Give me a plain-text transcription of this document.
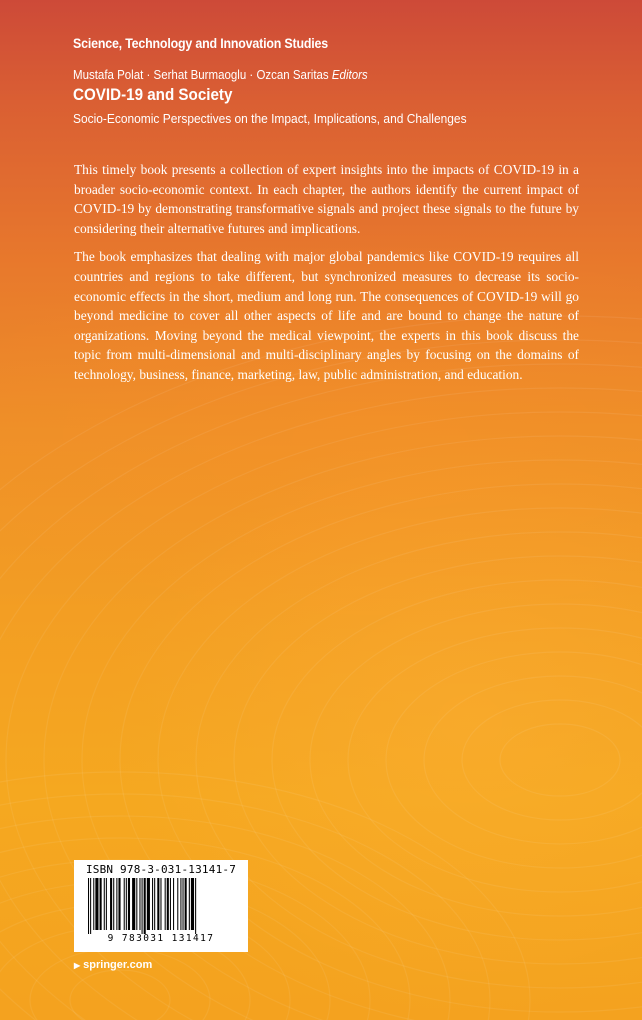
Science, Technology and Innovation Studies
Mustafa Polat · Serhat Burmaoglu · Ozcan Saritas Editors
COVID-19 and Society
Socio-Economic Perspectives on the Impact, Implications, and Challenges

This timely book presents a collection of expert insights into the impacts of COVID-19 in a broader socio-economic context. In each chapter, the authors identify the current impact of COVID-19 by demonstrating transformative signals and project these signals to the future by considering their alternative futures and implications.

The book emphasizes that dealing with major global pandemics like COVID-19 requires all countries and regions to take different, but synchronized measures to decrease its socio-economic effects in the short, medium and long run. The consequences of COVID-19 will go beyond medicine to cover all other aspects of life and are bound to change the nature of organizations. Moving beyond the medical viewpoint, the experts in this book discuss the topic from multi-dimensional and multi-disciplinary angles by focusing on the domains of technology, business, finance, marketing, law, public administration, and education.

ISBN 978-3-031-13141-7
9 783031 131417
▶ springer.com
